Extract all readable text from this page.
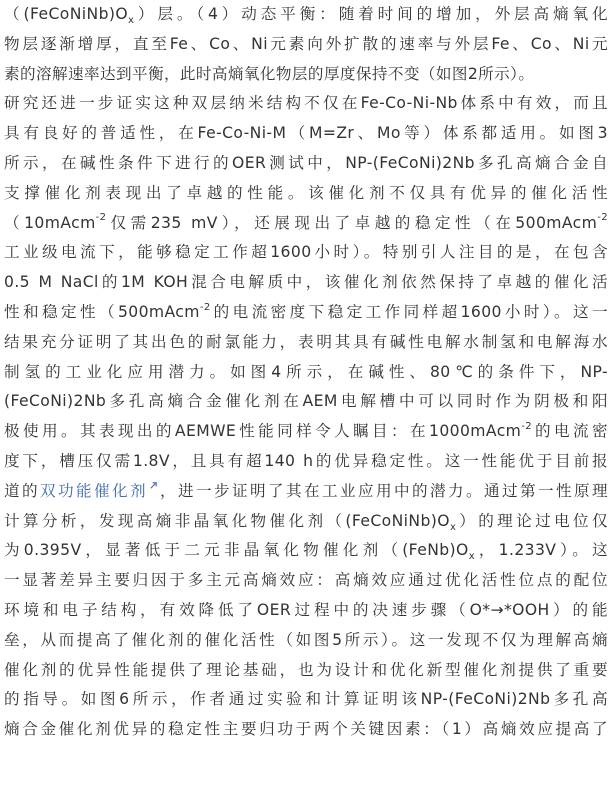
$((FeCoNiNb)O_x)$层。（4）动态平衡：随着时间的增加，外层高熵氧化
物层逐渐增厚，直至Fe、Co、Ni元素向外扩散的速率与外层Fe、Co、Ni元
素的溶解速率达到平衡，此时高熵氧化物层的厚度保持不变（如图2所示）。
研究还进一步证实这种双层纳米结构不仅在Fe-Co-Ni-Nb体系中有效，而且
具有良好的普适性，在Fe-Co-Ni-M（M=Zr、Mo等）体系都适用。如图3
所示，在碱性条件下进行的OER测试中，NP-(FeCoNi)2Nb多孔高熵合金自
支撑催化剂表现出了卓越的性能。该催化剂不仅具有优异的催化活性
（10mAcm$^{-2}$仅需235 mV），还展现出了卓越的稳定性（在500mAcm$^{-2}$
工业级电流下，能够稳定工作超1600小时）。特别引人注目的是，在包含
0.5 M NaCl的1M KOH混合电解质中，该催化剂依然保持了卓越的催化活
性和稳定性（500mAcm$^{-2}$的电流密度下稳定工作同样超1600小时）。这一
结果充分证明了其出色的耐氯能力，表明其具有碱性电解水制氢和电解海水
制氢的工业化应用潜力。如图4所示，在碱性、80℃的条件下，NP-
(FeCoNi)2Nb多孔高熵合金催化剂在AEM电解槽中可以同时作为阴极和阳
极使用。其表现出的AEMWE性能同样令人瞩目：在1000mAcm$^{-2}$的电流密
度下，槽压仅需1.8V，且具有超140 h的优异稳定性。这一性能优于目前报
道的双功能催化剂 ，进一步证明了其在工业应用中的潜力。通过第一性原理
计算分析，发现高熵非晶氧化物催化剂$((FeCoNiNb)O_x)$的理论过电位仅
为0.395V，显著低于二元非晶氧化物催化剂（$(FeNb)O_x$，1.233V）。这
一显著差异主要归因于多主元高熵效应：高熵效应通过优化活性位点的配位
环境和电子结构，有效降低了OER过程中的决速步骤（O*→*OOH）的能
垒，从而提高了催化剂的催化活性（如图5所示）。这一发现不仅为理解高熵
催化剂的优异性能提供了理论基础，也为设计和优化新型催化剂提供了重要
的指导。如图6所示，作者通过实验和计算证明该NP-(FeCoNi)2Nb多孔高
熵合金催化剂优异的稳定性主要归功于两个关键因素：（1）高熵效应提高了
